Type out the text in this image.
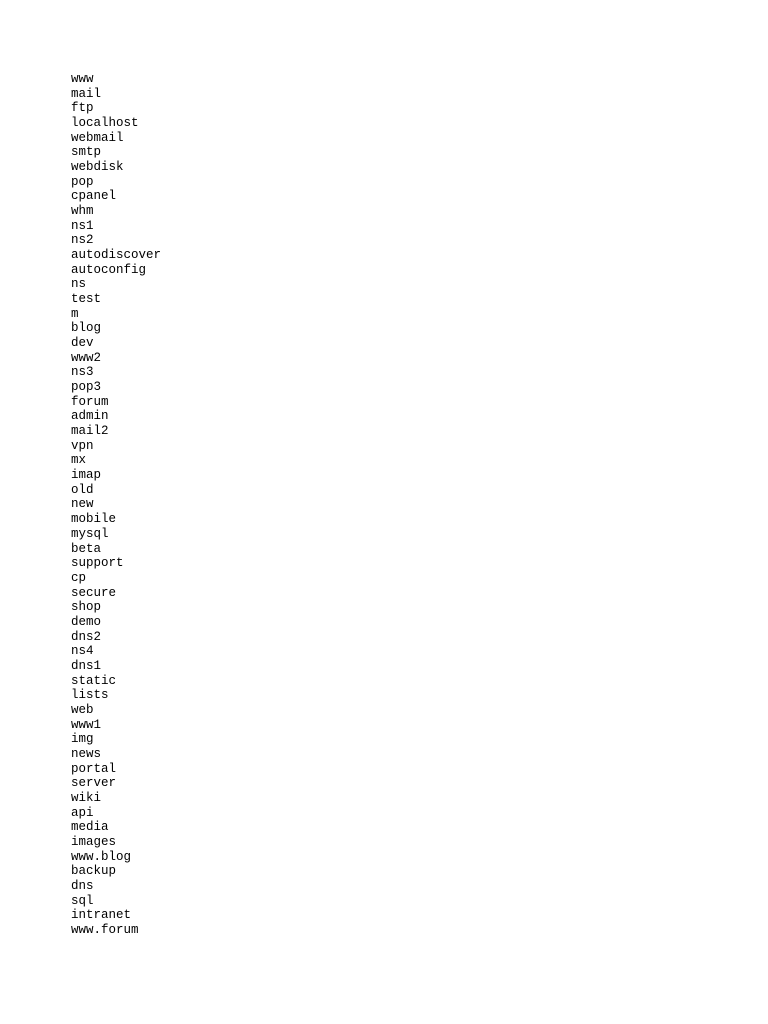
www
mail
ftp
localhost
webmail
smtp
webdisk
pop
cpanel
whm
ns1
ns2
autodiscover
autoconfig
ns
test
m
blog
dev
www2
ns3
pop3
forum
admin
mail2
vpn
mx
imap
old
new
mobile
mysql
beta
support
cp
secure
shop
demo
dns2
ns4
dns1
static
lists
web
www1
img
news
portal
server
wiki
api
media
images
www.blog
backup
dns
sql
intranet
www.forum
